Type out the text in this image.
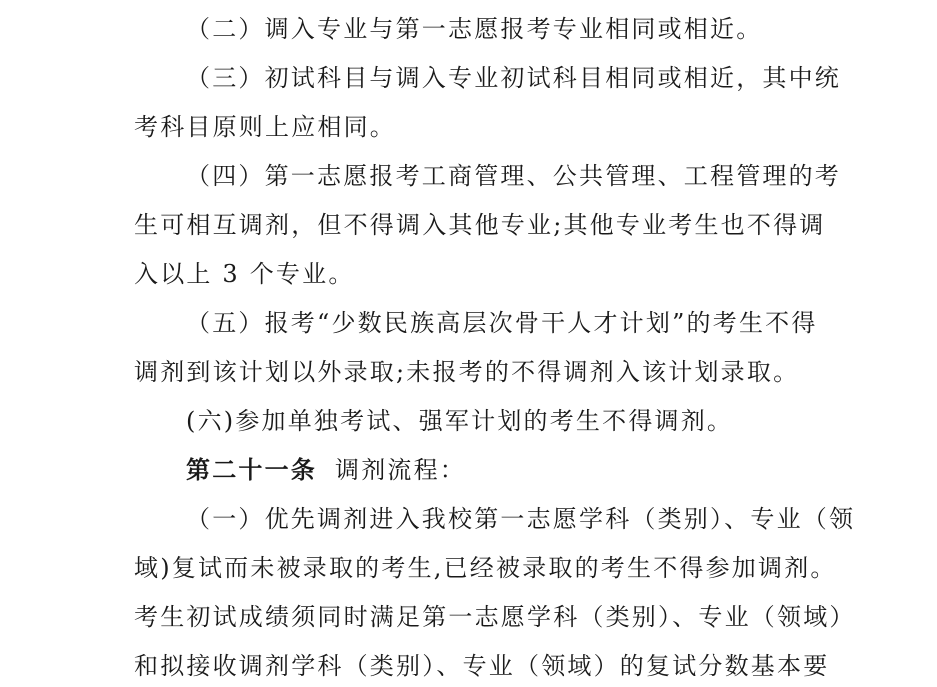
（二）调入专业与第一志愿报考专业相同或相近。

（三）初试科目与调入专业初试科目相同或相近，其中统

考科目原则上应相同。

（四）第一志愿报考工商管理、公共管理、工程管理的考

生可相互调剂，但不得调入其他专业;其他专业考生也不得调

入以上 3 个专业。

（五）报考“少数民族高层次骨干人才计划”的考生不得

调剂到该计划以外录取;未报考的不得调剂入该计划录取。

(六)参加单独考试、强军计划的考生不得调剂。

第二十一条 调剂流程：

（一）优先调剂进入我校第一志愿学科（类别）、专业（领

域)复试而未被录取的考生,已经被录取的考生不得参加调剂。

考生初试成绩须同时满足第一志愿学科（类别）、专业（领域）

和拟接收调剂学科（类别）、专业（领域）的复试分数基本要
